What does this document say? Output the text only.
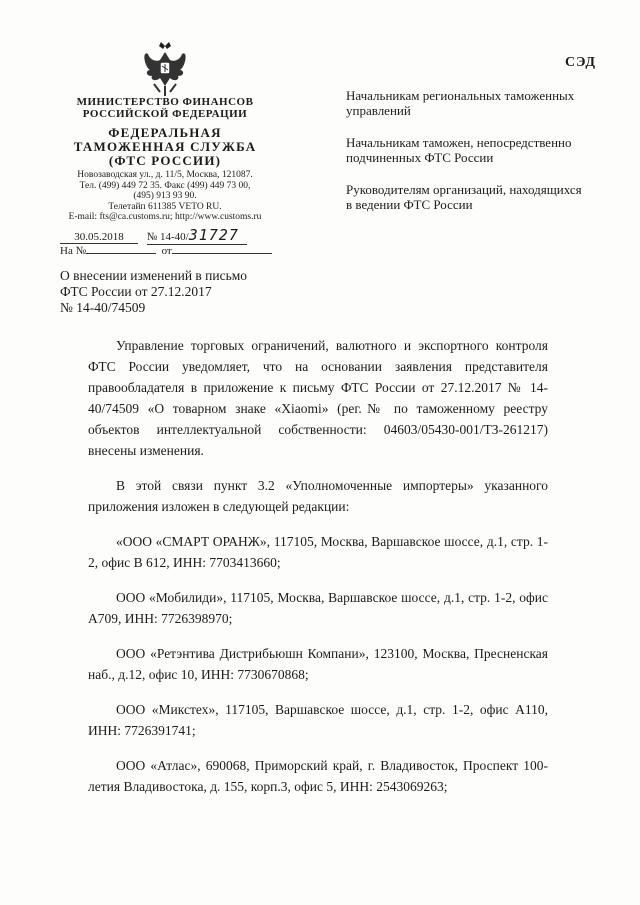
СЭД
МИНИСТЕРСТВО ФИНАНСОВ
РОССИЙСКОЙ ФЕДЕРАЦИИ
ФЕДЕРАЛЬНАЯ
ТАМОЖЕННАЯ СЛУЖБА
(ФТС РОССИИ)
Новозаводская ул., д. 11/5, Москва, 121087.
Тел. (499) 449 72 35. Факс (499) 449 73 00,
(495) 913 93 90.
Телетайп 611385 VETO RU.
E-mail: fts@ca.customs.ru; http://www.customs.ru
30.05.2018 № 14-40/31727
На №	от
Начальникам региональных таможенных управлений
Начальникам таможен, непосредственно подчиненных ФТС России
Руководителям организаций, находящихся в ведении ФТС России
О внесении изменений в письмо
ФТС России от 27.12.2017
№ 14-40/74509

Управление торговых ограничений, валютного и экспортного контроля ФТС России уведомляет, что на основании заявления представителя правообладателя в приложение к письму ФТС России от 27.12.2017 № 14-40/74509 «О товарном знаке «Xiaomi» (рег.№ по таможенному реестру объектов интеллектуальной собственности: 04603/05430-001/ТЗ-261217) внесены изменения.

В этой связи пункт 3.2 «Уполномоченные импортеры» указанного приложения изложен в следующей редакции:

«ООО «СМАРТ ОРАНЖ», 117105, Москва, Варшавское шоссе, д.1, стр. 1-2, офис В 612, ИНН: 7703413660;

ООО «Мобилиди», 117105, Москва, Варшавское шоссе, д.1, стр. 1-2, офис А709, ИНН: 7726398970;

ООО «Ретэнтива Дистрибьюшн Компани», 123100, Москва, Пресненская наб., д.12, офис 10, ИНН: 7730670868;

ООО «Микстех», 117105, Варшавское шоссе, д.1, стр. 1-2, офис А110, ИНН: 7726391741;

ООО «Атлас», 690068, Приморский край, г. Владивосток, Проспект 100-летия Владивостока, д. 155, корп.3, офис 5, ИНН: 2543069263;
